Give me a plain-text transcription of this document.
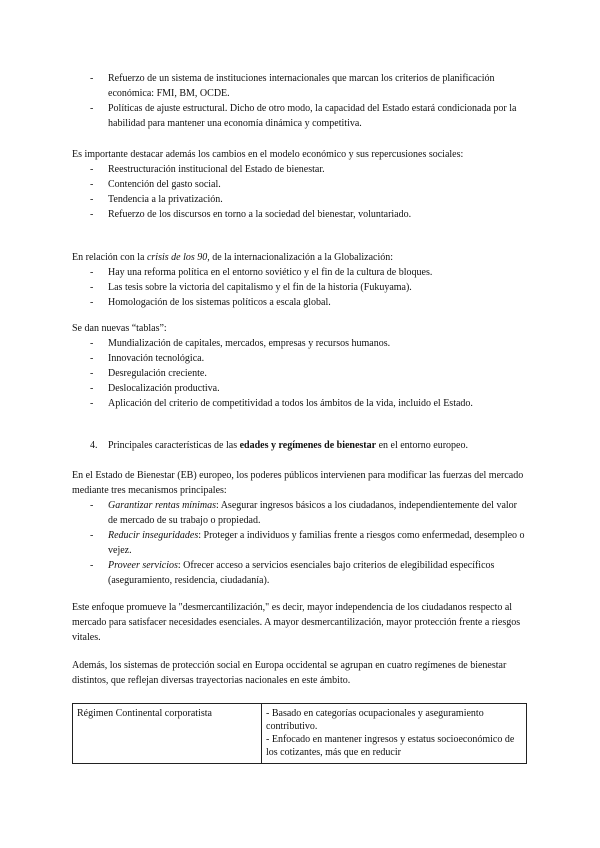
- Refuerzo de un sistema de instituciones internacionales que marcan los criterios de planificación económica: FMI, BM, OCDE.
- Políticas de ajuste estructural. Dicho de otro modo, la capacidad del Estado estará condicionada por la habilidad para mantener una economía dinámica y competitiva.

Es importante destacar además los cambios en el modelo económico y sus repercusiones sociales:

- Reestructuración institucional del Estado de bienestar.
- Contención del gasto social.
- Tendencia a la privatización.
- Refuerzo de los discursos en torno a la sociedad del bienestar, voluntariado.

En relación con la crisis de los 90, de la internacionalización a la Globalización:

- Hay una reforma política en el entorno soviético y el fin de la cultura de bloques.
- Las tesis sobre la victoria del capitalismo y el fin de la historia (Fukuyama).
- Homologación de los sistemas políticos a escala global.

Se dan nuevas “tablas”:

- Mundialización de capitales, mercados, empresas y recursos humanos.
- Innovación tecnológica.
- Desregulación creciente.
- Deslocalización productiva.
- Aplicación del criterio de competitividad a todos los ámbitos de la vida, incluido el Estado.

4. Principales características de las edades y regímenes de bienestar en el entorno europeo.

En el Estado de Bienestar (EB) europeo, los poderes públicos intervienen para modificar las fuerzas del mercado mediante tres mecanismos principales:

- Garantizar rentas mínimas: Asegurar ingresos básicos a los ciudadanos, independientemente del valor de mercado de su trabajo o propiedad.
- Reducir inseguridades: Proteger a individuos y familias frente a riesgos como enfermedad, desempleo o vejez.
- Proveer servicios: Ofrecer acceso a servicios esenciales bajo criterios de elegibilidad específicos (aseguramiento, residencia, ciudadanía).

Este enfoque promueve la "desmercantilización," es decir, mayor independencia de los ciudadanos respecto al mercado para satisfacer necesidades esenciales. A mayor desmercantilización, mayor protección frente a riesgos vitales.

Además, los sistemas de protección social en Europa occidental se agrupan en cuatro regímenes de bienestar distintos, que reflejan diversas trayectorias nacionales en este ámbito.

Régimen Continental corporatista	- Basado en categorías ocupacionales y aseguramiento contributivo.
- Enfocado en mantener ingresos y estatus socioeconómico de los cotizantes, más que en reducir
